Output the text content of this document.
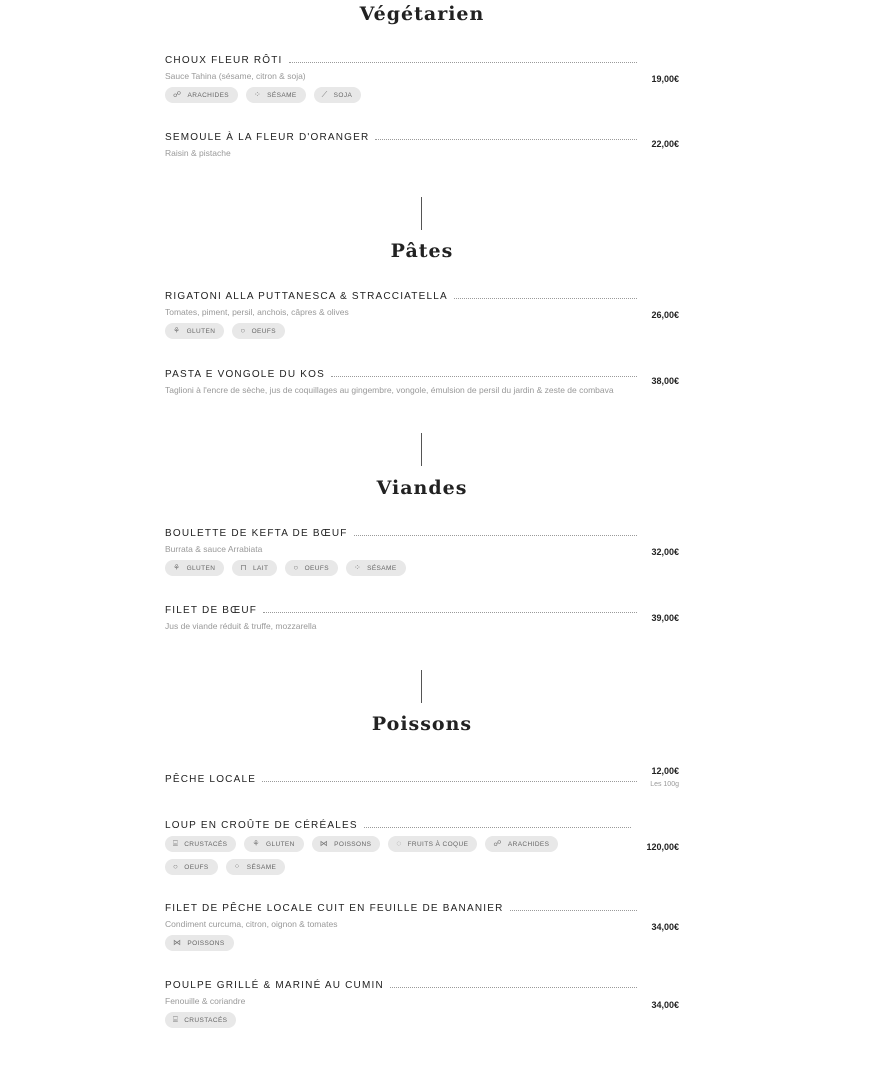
Végétarien
CHOUX FLEUR RÔTI
Sauce Tahina (sésame, citron & soja)
☍ ARACHIDES	⁘ SÉSAME	⟋ SOJA
19,00€
SEMOULE À LA FLEUR D'ORANGER
Raisin & pistache
22,00€
Pâtes
RIGATONI ALLA PUTTANESCA & STRACCIATELLA
Tomates, piment, persil, anchois, câpres & olives
⚘ GLUTEN	○ OEUFS
26,00€
PASTA E VONGOLE DU KOS
Taglioni à l'encre de sèche, jus de coquillages au gingembre, vongole, émulsion de persil du jardin & zeste de combava
38,00€
Viandes
BOULETTE DE KEFTA DE BŒUF
Burrata & sauce Arrabiata
⚘ GLUTEN	⊓ LAIT	○ OEUFS	⁘ SÉSAME
32,00€
FILET DE BŒUF
Jus de viande réduit & truffe, mozzarella
39,00€
Poissons
PÊCHE LOCALE
12,00€
Les 100g
LOUP EN CROÛTE DE CÉRÉALES
⌸ CRUSTACÉS	⚘ GLUTEN	⋈ POISSONS	◌ FRUITS À COQUE	☍ ARACHIDES
○ OEUFS	⁘ SÉSAME
120,00€
FILET DE PÊCHE LOCALE CUIT EN FEUILLE DE BANANIER
Condiment curcuma, citron, oignon & tomates
⋈ POISSONS
34,00€
POULPE GRILLÉ & MARINÉ AU CUMIN
Fenouille & coriandre
⌸ CRUSTACÉS
34,00€
